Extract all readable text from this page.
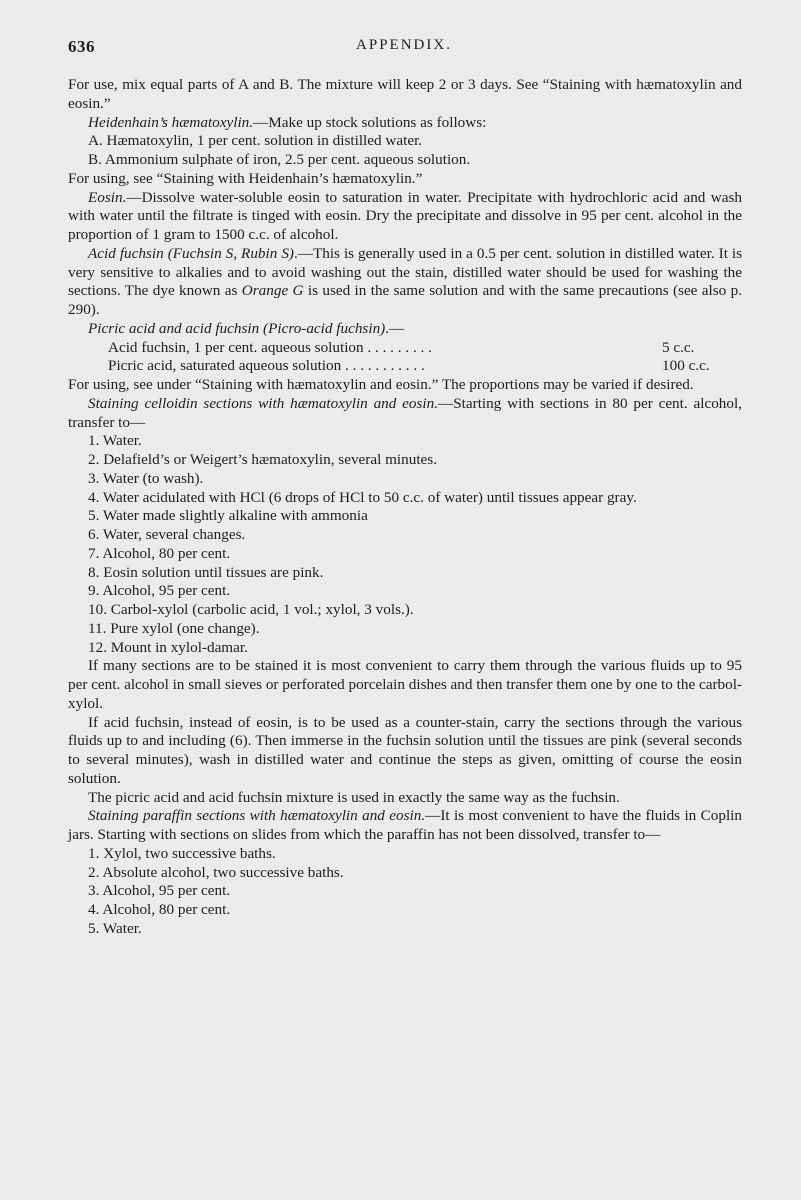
636	APPENDIX.

For use, mix equal parts of A and B. The mixture will keep 2 or 3 days. See “Staining with hæmatoxylin and eosin.”

Heidenhain’s hæmatoxylin.—Make up stock solutions as follows:

A. Hæmatoxylin, 1 per cent. solution in distilled water.

B. Ammonium sulphate of iron, 2.5 per cent. aqueous solution.

For using, see “Staining with Heidenhain’s hæmatoxylin.”

Eosin.—Dissolve water-soluble eosin to saturation in water. Precipitate with hydrochloric acid and wash with water until the filtrate is tinged with eosin. Dry the precipitate and dissolve in 95 per cent. alcohol in the proportion of 1 gram to 1500 c.c. of alcohol.

Acid fuchsin (Fuchsin S, Rubin S).—This is generally used in a 0.5 per cent. solution in distilled water. It is very sensitive to alkalies and to avoid washing out the stain, distilled water should be used for washing the sections. The dye known as Orange G is used in the same solution and with the same precautions (see also p. 290).

Picric acid and acid fuchsin (Picro-acid fuchsin).—

Acid fuchsin, 1 per cent. aqueous solution . . . . . . . . .	5 c.c.
Picric acid, saturated aqueous solution . . . . . . . . . . .	100 c.c.

For using, see under “Staining with hæmatoxylin and eosin.” The proportions may be varied if desired.

Staining celloidin sections with hæmatoxylin and eosin.—Starting with sections in 80 per cent. alcohol, transfer to—

1. Water.

2. Delafield’s or Weigert’s hæmatoxylin, several minutes.

3. Water (to wash).

4. Water acidulated with HCl (6 drops of HCl to 50 c.c. of water) until tissues appear gray.

5. Water made slightly alkaline with ammonia

6. Water, several changes.

7. Alcohol, 80 per cent.

8. Eosin solution until tissues are pink.

9. Alcohol, 95 per cent.

10. Carbol-xylol (carbolic acid, 1 vol.; xylol, 3 vols.).

11. Pure xylol (one change).

12. Mount in xylol-damar.

If many sections are to be stained it is most convenient to carry them through the various fluids up to 95 per cent. alcohol in small sieves or perforated porcelain dishes and then transfer them one by one to the carbol-xylol.

If acid fuchsin, instead of eosin, is to be used as a counter-stain, carry the sections through the various fluids up to and including (6). Then immerse in the fuchsin solution until the tissues are pink (several seconds to several minutes), wash in distilled water and continue the steps as given, omitting of course the eosin solution.

The picric acid and acid fuchsin mixture is used in exactly the same way as the fuchsin.

Staining paraffin sections with hæmatoxylin and eosin.—It is most convenient to have the fluids in Coplin jars. Starting with sections on slides from which the paraffin has not been dissolved, transfer to—

1. Xylol, two successive baths.

2. Absolute alcohol, two successive baths.

3. Alcohol, 95 per cent.

4. Alcohol, 80 per cent.

5. Water.
